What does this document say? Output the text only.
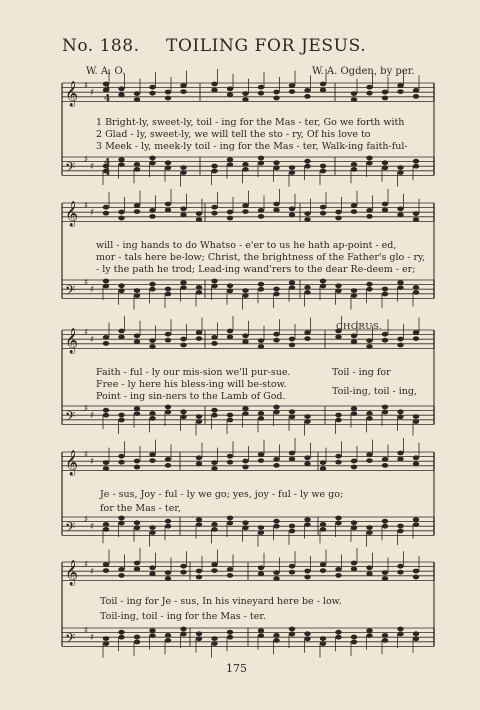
No. 188. TOILING FOR JESUS.
W. A. O.	W. A. Ogden, by per.
𝄞 ♯
♯
𝄢 ♯
♯
𝄞 ♯
♯
𝄢 ♯
♯
𝄞 ♯
♯
𝄢 ♯
♯
𝄞 ♯
♯
𝄢 ♯
♯
𝄞 ♯
♯
𝄢 ♯
♯
4
4
4
4
1 Bright-ly, sweet-ly, toil - ing for the Mas - ter, Go we forth with
2 Glad - ly, sweet-ly, we will tell the sto - ry, Of his love to
3 Meek - ly, meek-ly toil - ing for the Mas - ter, Walk-ing faith-ful-
will - ing hands to do Whatso - e'er to us he hath ap-point - ed,
mor - tals here be-low; Christ, the brightness of the Father's glo - ry,
- ly the path he trod; Lead-ing wand'rers to the dear Re-deem - er;
CHORUS.
Faith - ful - ly our mis-sion we'll pur-sue.
Free - ly here his bless-ing will be-stow.
Point - ing sin-ners to the Lamb of God.
Toil - ing for
Toil-ing, toil - ing,
Je - sus, Joy - ful - ly we go; yes, joy - ful - ly we go;
for the Mas - ter,
Toil - ing for Je - sus, In his vineyard here be - low.
Toil-ing, toil - ing for the Mas - ter.
175
